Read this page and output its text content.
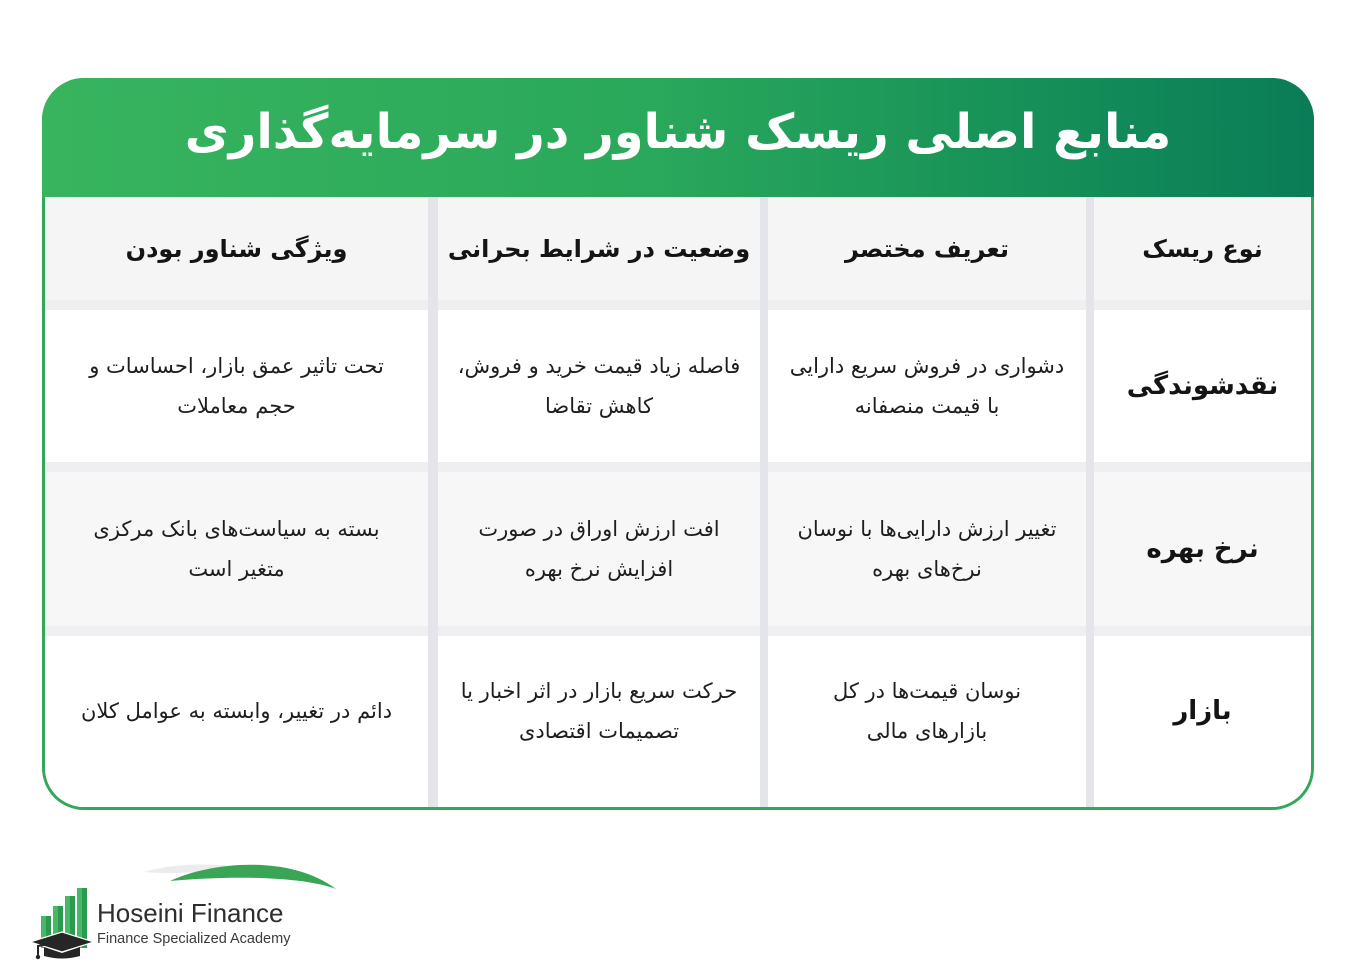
منابع اصلی ریسک شناور در سرمایه‌گذاری
نوع ریسک
تعریف مختصر
وضعیت در شرایط بحرانی
ویژگی شناور بودن
نقدشوندگی
دشواری در فروش سریع دارایی
با قیمت منصفانه
فاصله زیاد قیمت خرید و فروش،
کاهش تقاضا
تحت تاثیر عمق بازار، احساسات و
حجم معاملات
نرخ بهره
تغییر ارزش دارایی‌ها با نوسان
نرخ‌های بهره
افت ارزش اوراق در صورت
افزایش نرخ بهره
بسته به سیاست‌های بانک مرکزی
متغیر است
بازار
نوسان قیمت‌ها در کل
بازارهای مالی
حرکت سریع بازار در اثر اخبار یا
تصمیمات اقتصادی
دائم در تغییر، وابسته به عوامل کلان
Hoseini Finance
Finance Specialized Academy
